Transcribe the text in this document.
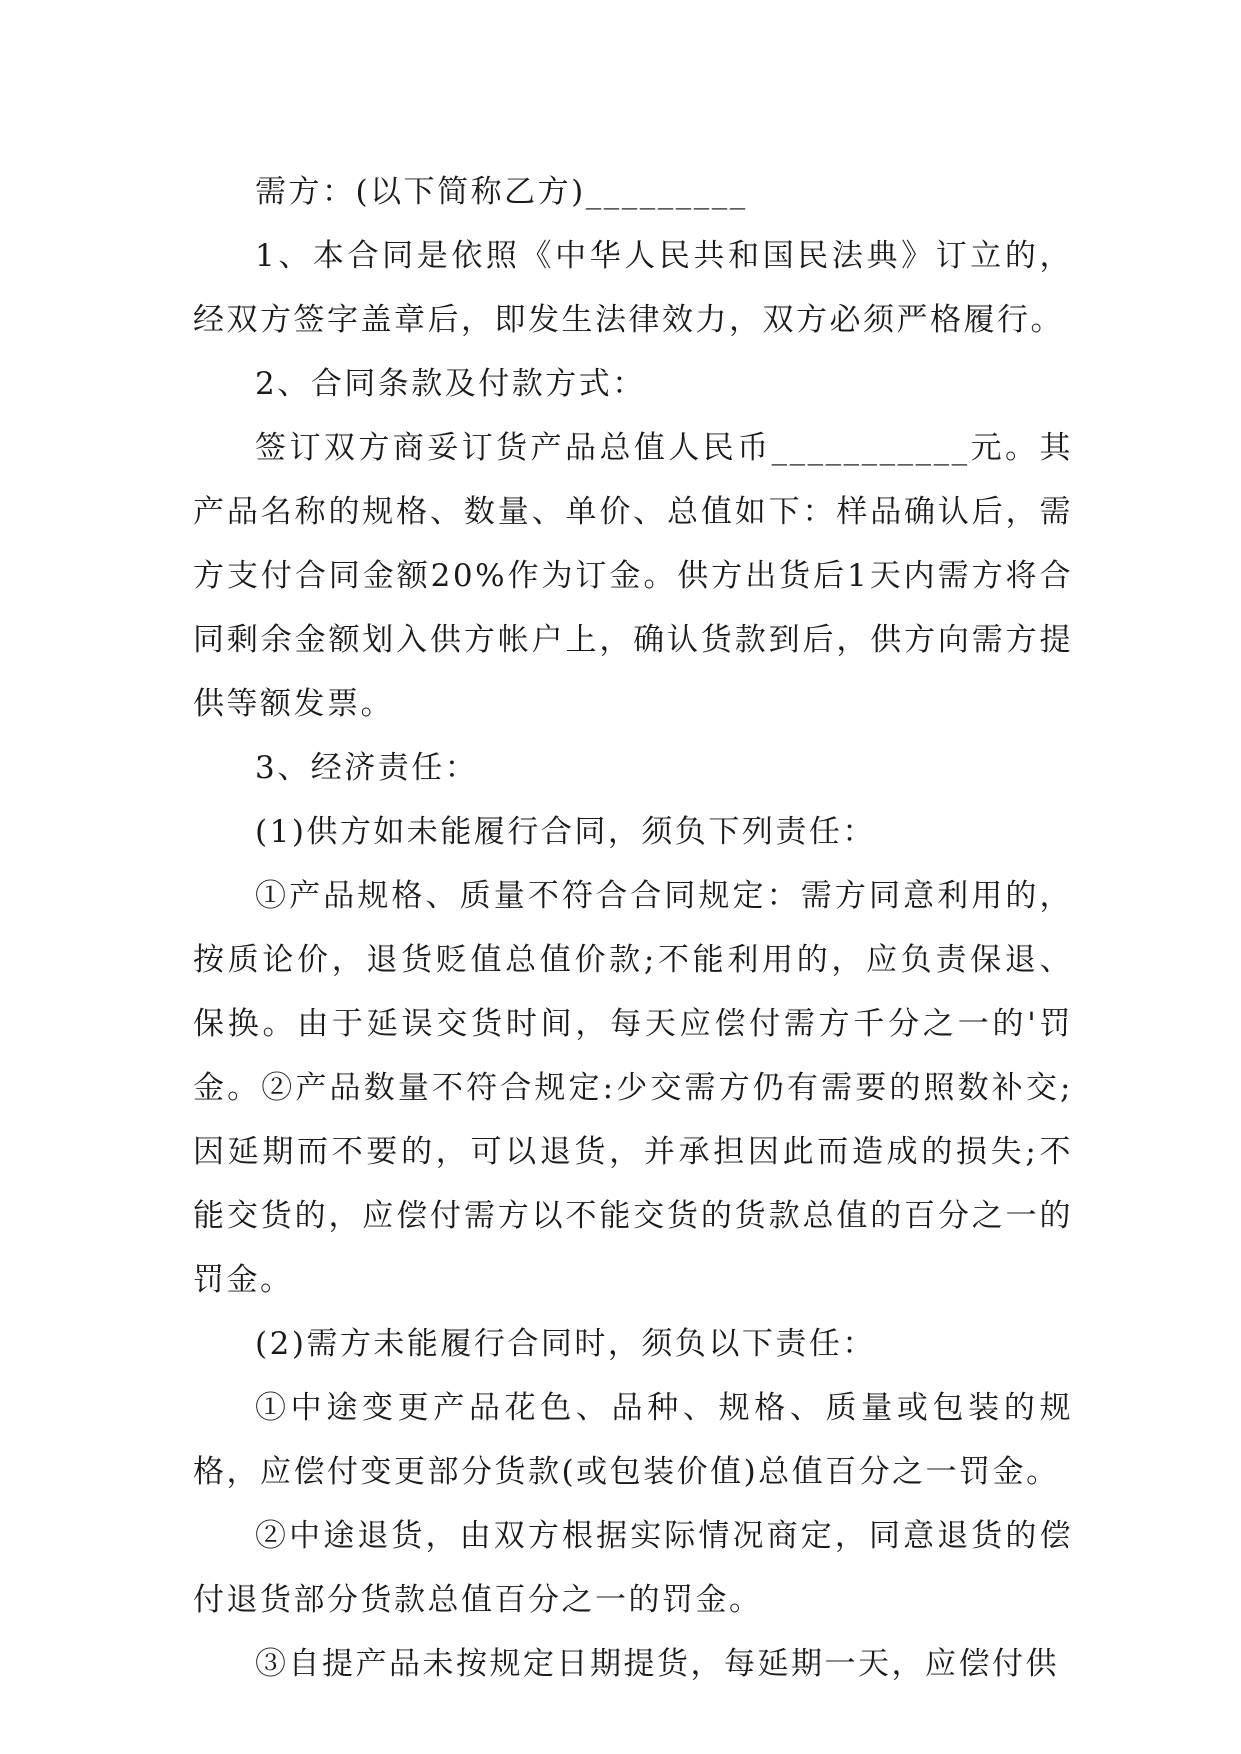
需方：(以下简称乙方)_________

1、本合同是依照《中华人民共和国民法典》订立的，经双方签字盖章后，即发生法律效力，双方必须严格履行。

2、合同条款及付款方式：

签订双方商妥订货产品总值人民币___________元。其产品名称的规格、数量、单价、总值如下：样品确认后，需方支付合同金额20%作为订金。供方出货后1天内需方将合同剩余金额划入供方帐户上，确认货款到后，供方向需方提供等额发票。

3、经济责任：

(1)供方如未能履行合同，须负下列责任：

①产品规格、质量不符合合同规定：需方同意利用的，按质论价，退货贬值总值价款;不能利用的，应负责保退、保换。由于延误交货时间，每天应偿付需方千分之一的'罚金。②产品数量不符合规定:少交需方仍有需要的照数补交;因延期而不要的，可以退货，并承担因此而造成的损失;不能交货的，应偿付需方以不能交货的货款总值的百分之一的罚金。

(2)需方未能履行合同时，须负以下责任：

①中途变更产品花色、品种、规格、质量或包装的规格，应偿付变更部分货款(或包装价值)总值百分之一罚金。

②中途退货，由双方根据实际情况商定，同意退货的偿付退货部分货款总值百分之一的罚金。

③自提产品未按规定日期提货，每延期一天，应偿付供
